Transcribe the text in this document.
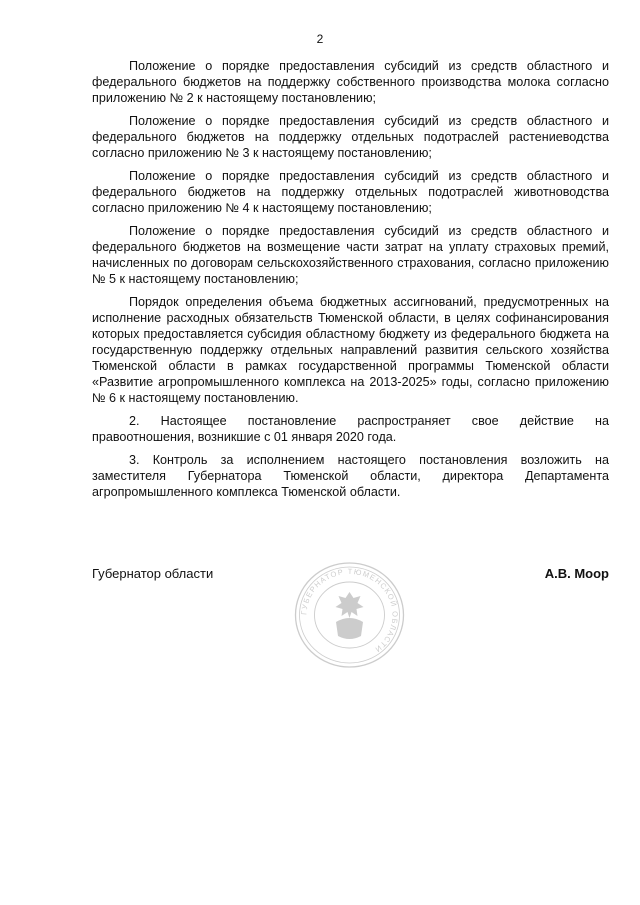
2

Положение о порядке предоставления субсидий из средств областного и федерального бюджетов на поддержку собственного производства молока согласно приложению № 2 к настоящему постановлению;

Положение о порядке предоставления субсидий из средств областного и федерального бюджетов на поддержку отдельных подотраслей растениеводства согласно приложению № 3 к настоящему постановлению;

Положение о порядке предоставления субсидий из средств областного и федерального бюджетов на поддержку отдельных подотраслей животноводства согласно приложению № 4 к настоящему постановлению;

Положение о порядке предоставления субсидий из средств областного и федерального бюджетов на возмещение части затрат на уплату страховых премий, начисленных по договорам сельскохозяйственного страхования, согласно приложению № 5 к настоящему постановлению;

Порядок определения объема бюджетных ассигнований, предусмотренных на исполнение расходных обязательств Тюменской области, в целях софинансирования которых предоставляется субсидия областному бюджету из федерального бюджета на государственную поддержку отдельных направлений развития сельского хозяйства Тюменской области в рамках государственной программы Тюменской области «Развитие агропромышленного комплекса на 2013-2025» годы, согласно приложению № 6 к настоящему постановлению.

2. Настоящее постановление распространяет свое действие на правоотношения, возникшие с 01 января 2020 года.

3. Контроль за исполнением настоящего постановления возложить на заместителя Губернатора Тюменской области, директора Департамента агропромышленного комплекса Тюменской области.

Губернатор области	А.В. Моор
ГУБЕРНАТОР ТЮМЕНСКОЙ ОБЛАСТИ
